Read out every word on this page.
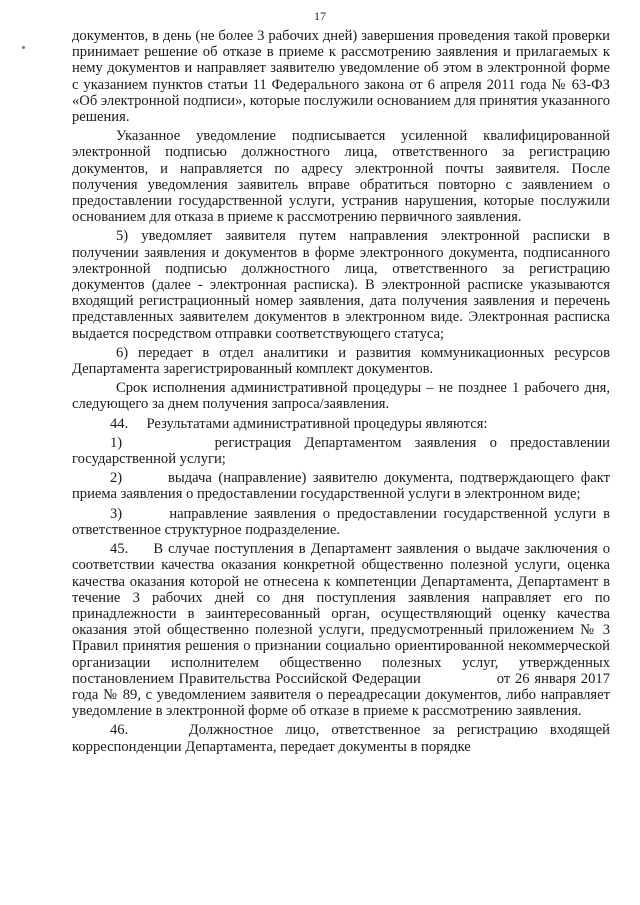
17

документов, в день (не более 3 рабочих дней) завершения проведения такой проверки принимает решение об отказе в приеме к рассмотрению заявления и прилагаемых к нему документов и направляет заявителю уведомление об этом в электронной форме с указанием пунктов статьи 11 Федерального закона от 6 апреля 2011 года № 63-ФЗ «Об электронной подписи», которые послужили основанием для принятия указанного решения.

Указанное уведомление подписывается усиленной квалифицированной электронной подписью должностного лица, ответственного за регистрацию документов, и направляется по адресу электронной почты заявителя. После получения уведомления заявитель вправе обратиться повторно с заявлением о предоставлении государственной услуги, устранив нарушения, которые послужили основанием для отказа в приеме к рассмотрению первичного заявления.

5) уведомляет заявителя путем направления электронной расписки в получении заявления и документов в форме электронного документа, подписанного электронной подписью должностного лица, ответственного за регистрацию документов (далее - электронная расписка). В электронной расписке указываются входящий регистрационный номер заявления, дата получения заявления и перечень представленных заявителем документов в электронном виде. Электронная расписка выдается посредством отправки соответствующего статуса;

6) передает в отдел аналитики и развития коммуникационных ресурсов Департамента зарегистрированный комплект документов.

Срок исполнения административной процедуры – не позднее 1 рабочего дня, следующего за днем получения запроса/заявления.

44.     Результатами административной процедуры являются:

1)       регистрация Департаментом заявления о предоставлении государственной услуги;

2)       выдача (направление) заявителю документа, подтверждающего факт приема заявления о предоставлении государственной услуги в электронном виде;

3)       направление заявления о предоставлении государственной услуги в ответственное структурное подразделение.

45.     В случае поступления в Департамент заявления о выдаче заключения о соответствии качества оказания конкретной общественно полезной услуги, оценка качества оказания которой не отнесена к компетенции Департамента, Департамент в течение 3 рабочих дней со дня поступления заявления направляет его по принадлежности в заинтересованный орган, осуществляющий оценку качества оказания этой общественно полезной услуги, предусмотренный приложением № 3 Правил принятия решения о признании социально ориентированной некоммерческой организации исполнителем общественно полезных услуг, утвержденных постановлением Правительства Российской Федерации                от 26 января 2017 года № 89, с уведомлением заявителя о переадресации документов, либо направляет уведомление в электронной форме об отказе в приеме к рассмотрению заявления.

46.     Должностное лицо, ответственное за регистрацию входящей корреспонденции Департамента, передает документы в порядке
